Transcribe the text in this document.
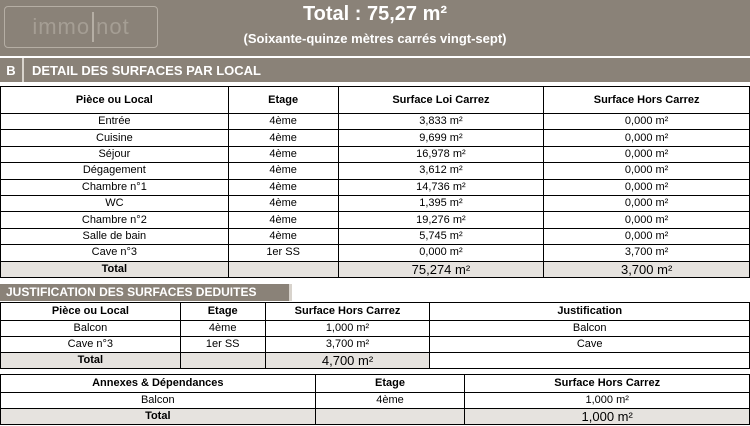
immo not	Total : 75,27 m²
(Soixante-quinze mètres carrés vingt-sept)
B	DETAIL DES SURFACES PAR LOCAL
Pièce ou Local	Etage	Surface Loi Carrez	Surface Hors Carrez
Entrée	4ème	3,833 m²	0,000 m²
Cuisine	4ème	9,699 m²	0,000 m²
Séjour	4ème	16,978 m²	0,000 m²
Dégagement	4ème	3,612 m²	0,000 m²
Chambre n°1	4ème	14,736 m²	0,000 m²
WC	4ème	1,395 m²	0,000 m²
Chambre n°2	4ème	19,276 m²	0,000 m²
Salle de bain	4ème	5,745 m²	0,000 m²
Cave n°3	1er SS	0,000 m²	3,700 m²
Total		75,274 m²	3,700 m²
JUSTIFICATION DES SURFACES DEDUITES
Pièce ou Local	Etage	Surface Hors Carrez	Justification
Balcon	4ème	1,000 m²	Balcon
Cave n°3	1er SS	3,700 m²	Cave
Total		4,700 m²	
Annexes & Dépendances	Etage	Surface Hors Carrez
Balcon	4ème	1,000 m²
Total		1,000 m²
